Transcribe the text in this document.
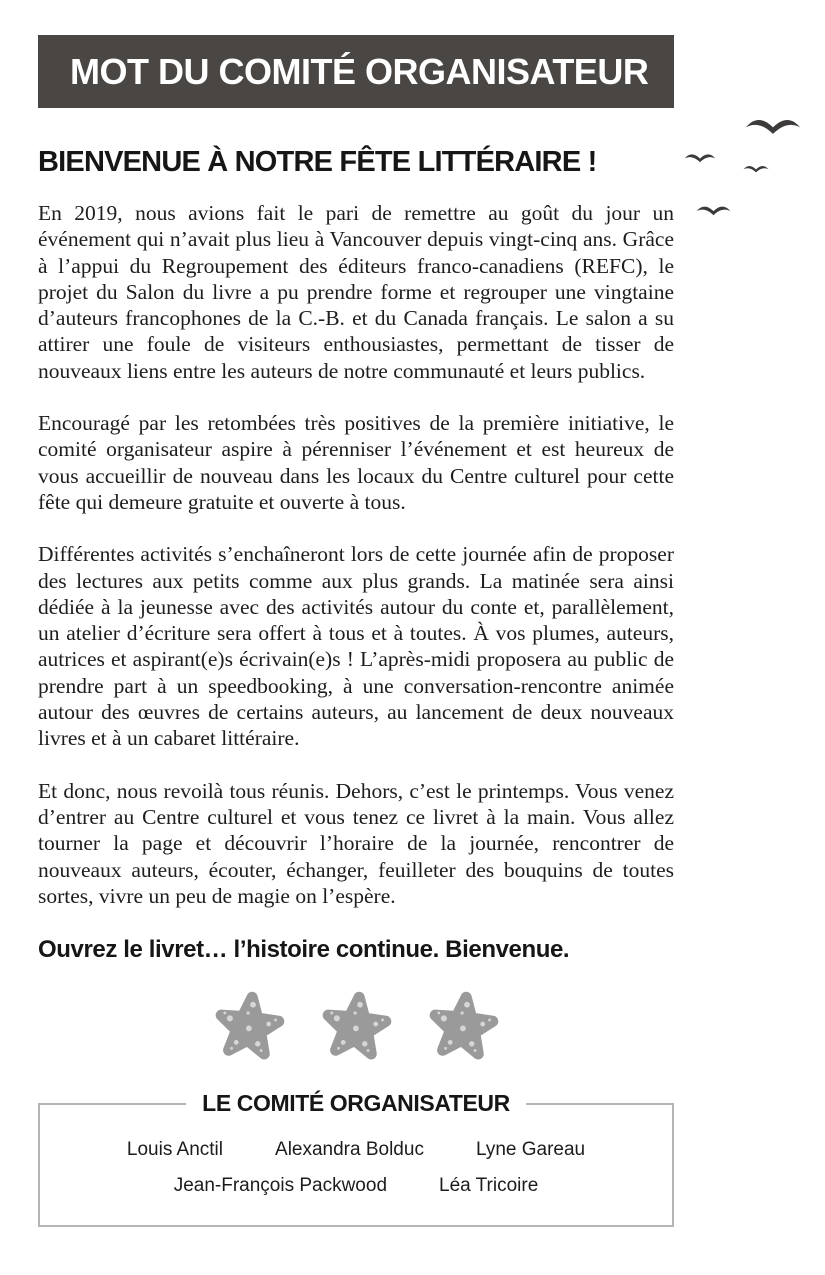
MOT DU COMITÉ ORGANISATEUR
BIENVENUE À NOTRE FÊTE LITTÉRAIRE !

En 2019, nous avions fait le pari de remettre au goût du jour un événement qui n’avait plus lieu à Vancouver depuis vingt-cinq ans. Grâce à l’appui du Regroupement des éditeurs franco-canadiens (REFC), le projet du Salon du livre a pu prendre forme et regrouper une vingtaine d’auteurs francophones de la C.-B. et du Canada français. Le salon a su attirer une foule de visiteurs enthousiastes, permettant de tisser de nouveaux liens entre les auteurs de notre communauté et leurs publics.

Encouragé par les retombées très positives de la première initiative, le comité organisateur aspire à pérenniser l’événement et est heureux de vous accueillir de nouveau dans les locaux du Centre culturel pour cette fête qui demeure gratuite et ouverte à tous.

Différentes activités s’enchaîneront lors de cette journée afin de proposer des lectures aux petits comme aux plus grands. La matinée sera ainsi dédiée à la jeunesse avec des activités autour du conte et, parallèlement, un atelier d’écriture sera offert à tous et à toutes. À vos plumes, auteurs, autrices et aspirant(e)s écrivain(e)s ! L’après-midi proposera au public de prendre part à un speedbooking, à une conversation-rencontre animée autour des œuvres de certains auteurs, au lancement de deux nouveaux livres et à un cabaret littéraire.

Et donc, nous revoilà tous réunis. Dehors, c’est le printemps. Vous venez d’entrer au Centre culturel et vous tenez ce livret à la main. Vous allez tourner la page et découvrir l’horaire de la journée, rencontrer de nouveaux auteurs, écouter, échanger, feuilleter des bouquins de toutes sortes, vivre un peu de magie on l’espère.

Ouvrez le livret… l’histoire continue. Bienvenue.
LE COMITÉ ORGANISATEUR
Louis Anctil	Alexandra Bolduc	Lyne Gareau
Jean-François Packwood	Léa Tricoire
